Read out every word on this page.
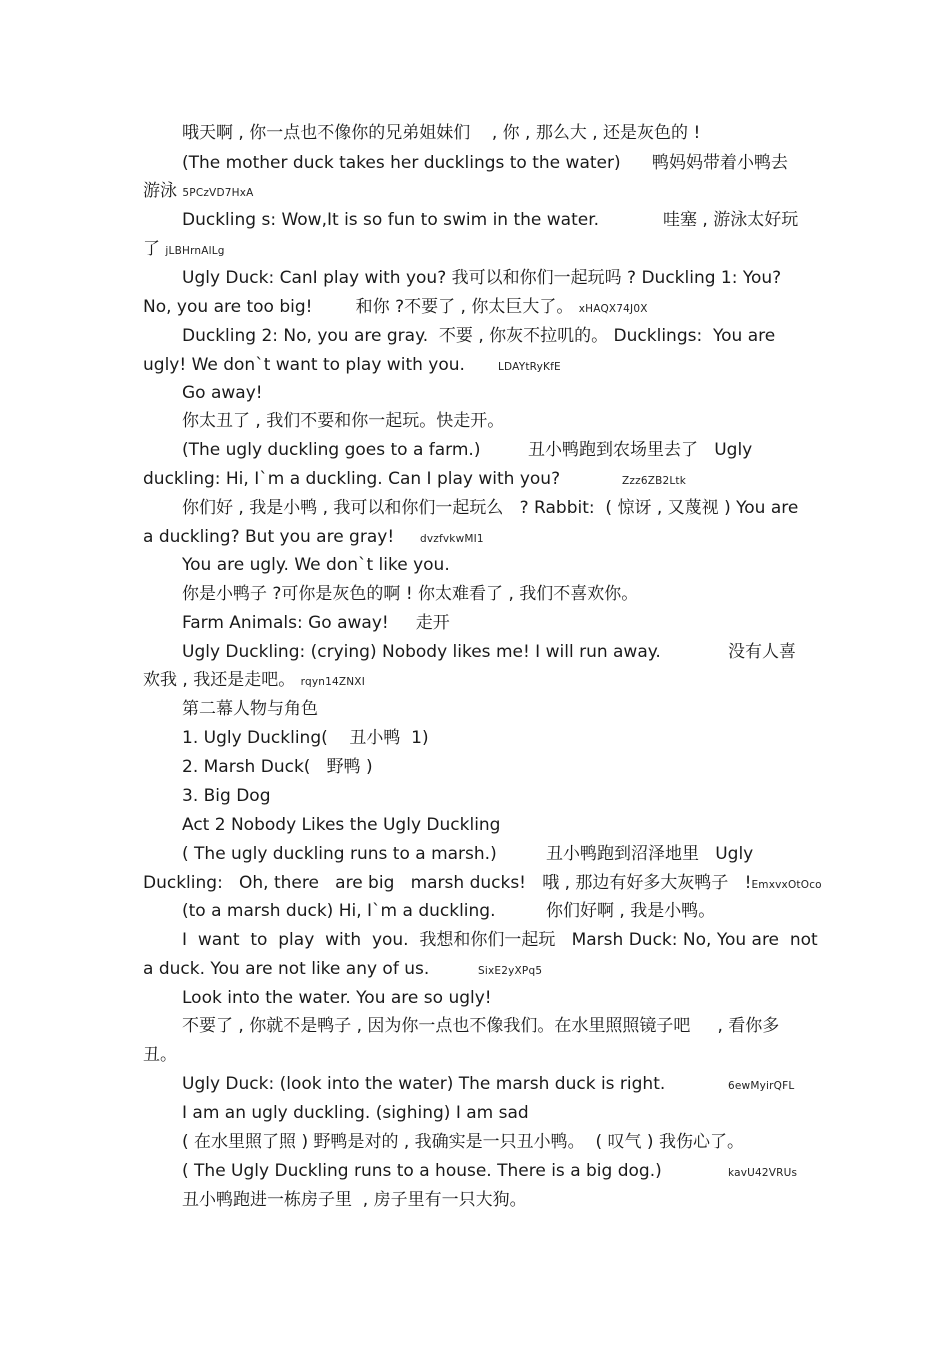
哦天啊 , 你一点也不像你的兄弟姐妹们    , 你 , 那么大 , 还是灰色的 !
(The mother duck takes her ducklings to the water) 鸭妈妈带着小鸭去
游泳 5PCzVD7HxA
Duckling s: Wow,It is so fun to swim in the water.	哇塞 , 游泳太好玩
了 jLBHrnAlLg
Ugly Duck: CanI play with you? 我可以和你们一起玩吗 ? Duckling 1: You?
No, you are too big!        和你 ?不要了 , 你太巨大了。 xHAQX74J0X
Duckling 2: No, you are gray.  不要 , 你灰不拉叽的。 Ducklings:  You are
ugly! We don`t want to play with you.	LDAYtRyKfE
Go away!
你太丑了 , 我们不要和你一起玩。快走开。
(The ugly duckling goes to a farm.)	丑小鸭跑到农场里去了   Ugly
duckling: Hi, I`m a duckling. Can I play with you?	Zzz6ZB2Ltk
你们好 , 我是小鸭 , 我可以和你们一起玩么   ? Rabbit:  ( 惊讶 , 又蔑视 ) You are
a duckling? But you are gray! dvzfvkwMI1
You are ugly. We don`t like you.
你是小鸭子 ?可你是灰色的啊 ! 你太难看了 , 我们不喜欢你。
Farm Animals: Go away!     走开
Ugly Duckling: (crying) Nobody likes me! I will run away.	没有人喜
欢我 , 我还是走吧。 rqyn14ZNXI
第二幕人物与角色
1. Ugly Duckling(    丑小鸭  1)
2. Marsh Duck(   野鸭 )
3. Big Dog
Act 2 Nobody Likes the Ugly Duckling
( The ugly duckling runs to a marsh.)	丑小鸭跑到沼泽地里   Ugly
Duckling:   Oh, there   are big   marsh ducks!   哦 , 那边有好多大灰鸭子   !EmxvxOtOco
(to a marsh duck) Hi, I`m a duckling.	你们好啊 , 我是小鸭。
I  want  to  play  with  you.  我想和你们一起玩   Marsh Duck: No, You are  not
a duck. You are not like any of us.	SixE2yXPq5
Look into the water. You are so ugly!
不要了 , 你就不是鸭子 , 因为你一点也不像我们。在水里照照镜子吧     , 看你多
丑。
Ugly Duck: (look into the water) The marsh duck is right.	6ewMyirQFL
I am an ugly duckling. (sighing) I am sad
( 在水里照了照 ) 野鸭是对的 , 我确实是一只丑小鸭。  ( 叹气 ) 我伤心了。
( The Ugly Duckling runs to a house. There is a big dog.)	kavU42VRUs
丑小鸭跑进一栋房子里  , 房子里有一只大狗。
